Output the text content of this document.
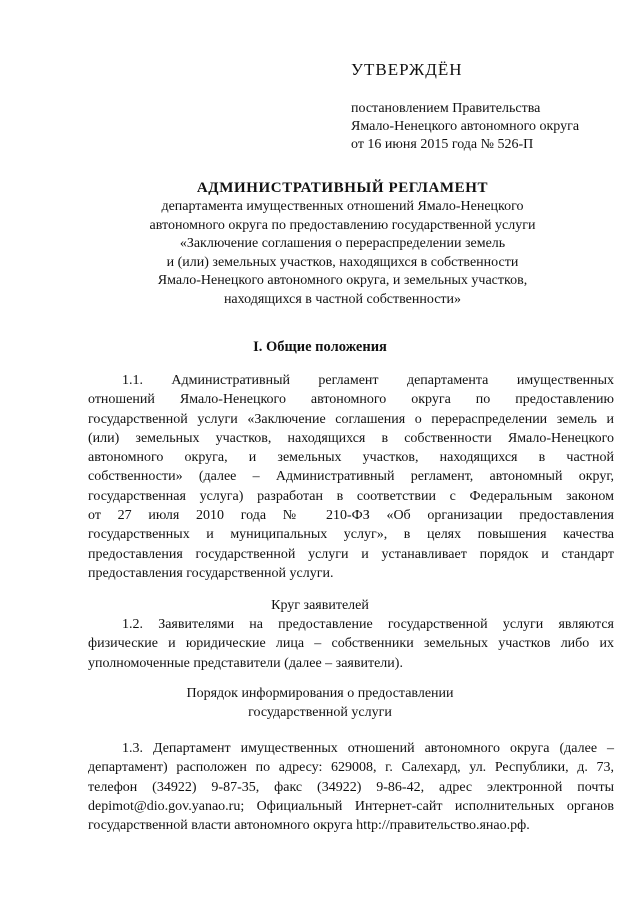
УТВЕРЖДЁН
постановлением Правительства
Ямало-Ненецкого автономного округа
от 16 июня 2015 года № 526-П
АДМИНИСТРАТИВНЫЙ РЕГЛАМЕНТ
департамента имущественных отношений Ямало-Ненецкого
автономного округа по предоставлению государственной услуги
«Заключение соглашения о перераспределении земель
и (или) земельных участков, находящихся в собственности
Ямало-Ненецкого автономного округа, и земельных участков,
находящихся в частной собственности»
I. Общие положения
1.1. Административный регламент департамента имущественных
отношений Ямало-Ненецкого автономного округа по предоставлению
государственной услуги «Заключение соглашения о перераспределении земель и
(или) земельных участков, находящихся в собственности Ямало-Ненецкого
автономного округа, и земельных участков, находящихся в частной
собственности» (далее – Административный регламент, автономный округ,
государственная услуга) разработан в соответствии с Федеральным законом
от 27 июля 2010 года № 210-ФЗ «Об организации предоставления
государственных и муниципальных услуг», в целях повышения качества
предоставления государственной услуги и устанавливает порядок и стандарт
предоставления государственной услуги.
Круг заявителей
1.2. Заявителями на предоставление государственной услуги являются
физические и юридические лица – собственники земельных участков либо их
уполномоченные представители (далее – заявители).
Порядок информирования о предоставлении
государственной услуги
1.3. Департамент имущественных отношений автономного округа (далее –
департамент) расположен по адресу: 629008, г. Салехард, ул. Республики, д. 73,
телефон (34922) 9-87-35, факс (34922) 9-86-42, адрес электронной почты
depimot@dio.gov.yanao.ru; Официальный Интернет-сайт исполнительных органов
государственной власти автономного округа http://правительство.янао.рф.
